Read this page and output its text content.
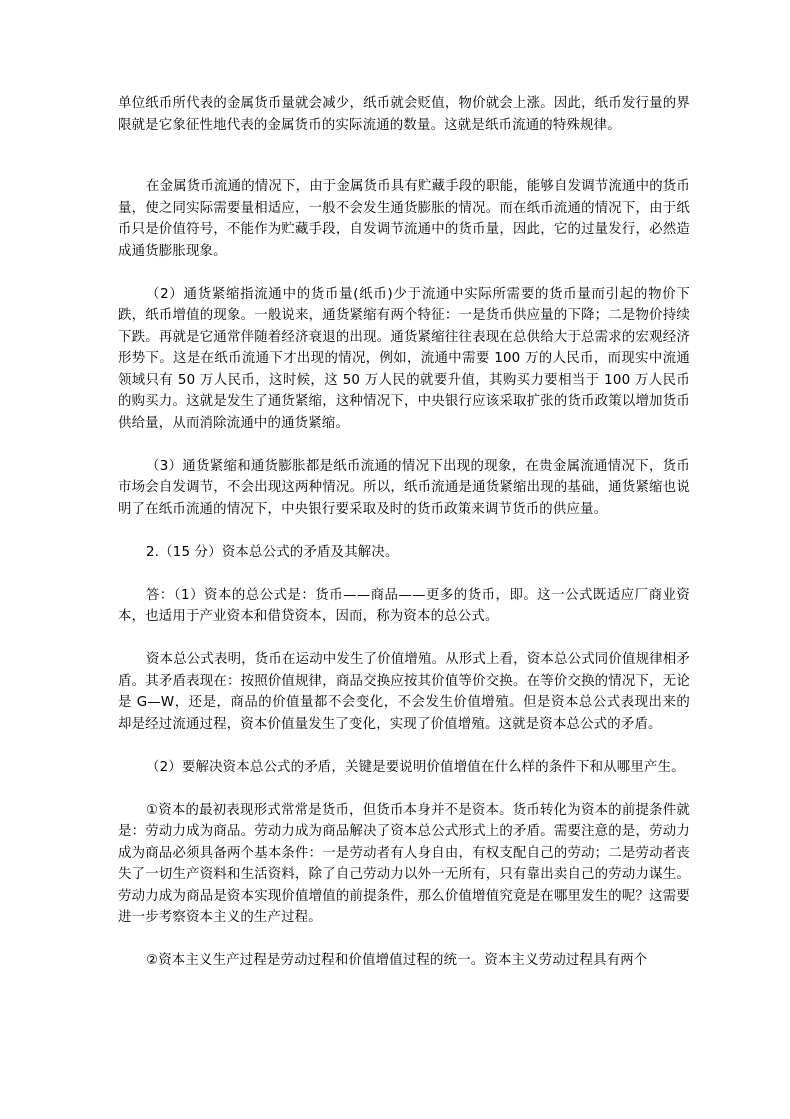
单位纸币所代表的金属货币量就会减少，纸币就会贬值，物价就会上涨。因此，纸币发行量的界限就是它象征性地代表的金属货币的实际流通的数量。这就是纸币流通的特殊规律。

在金属货币流通的情况下，由于金属货币具有贮藏手段的职能，能够自发调节流通中的货币量，使之同实际需要量相适应，一般不会发生通货膨胀的情况。而在纸币流通的情况下，由于纸币只是价值符号，不能作为贮藏手段，自发调节流通中的货币量，因此，它的过量发行，必然造成通货膨胀现象。

（2）通货紧缩指流通中的货币量(纸币)少于流通中实际所需要的货币量而引起的物价下跌，纸币增值的现象。一般说来，通货紧缩有两个特征：一是货币供应量的下降；二是物价持续下跌。再就是它通常伴随着经济衰退的出现。通货紧缩往往表现在总供给大于总需求的宏观经济形势下。这是在纸币流通下才出现的情况，例如，流通中需要 100 万的人民币，而现实中流通领域只有 50 万人民币，这时候，这 50 万人民的就要升值，其购买力要相当于 100 万人民币的购买力。这就是发生了通货紧缩，这种情况下，中央银行应该采取扩张的货币政策以增加货币供给量，从而消除流通中的通货紧缩。

（3）通货紧缩和通货膨胀都是纸币流通的情况下出现的现象，在贵金属流通情况下，货币市场会自发调节，不会出现这两种情况。所以，纸币流通是通货紧缩出现的基础，通货紧缩也说明了在纸币流通的情况下，中央银行要采取及时的货币政策来调节货币的供应量。

2.（15 分）资本总公式的矛盾及其解决。

答：（1）资本的总公式是：货币——商品——更多的货币，即。这一公式既适应厂商业资本，也适用于产业资本和借贷资本，因而，称为资本的总公式。

资本总公式表明，货币在运动中发生了价值增殖。从形式上看，资本总公式同价值规律相矛盾。其矛盾表现在：按照价值规律，商品交换应按其价值等价交换。在等价交换的情况下，无论是 G—W，还是，商品的价值量都不会变化，不会发生价值增殖。但是资本总公式表现出来的却是经过流通过程，资本价值量发生了变化，实现了价值增殖。这就是资本总公式的矛盾。

（2）要解决资本总公式的矛盾，关键是要说明价值增值在什么样的条件下和从哪里产生。

①资本的最初表现形式常常是货币，但货币本身并不是资本。货币转化为资本的前提条件就是：劳动力成为商品。劳动力成为商品解决了资本总公式形式上的矛盾。需要注意的是，劳动力成为商品必须具备两个基本条件：一是劳动者有人身自由，有权支配自己的劳动；二是劳动者丧失了一切生产资料和生活资料，除了自己劳动力以外一无所有，只有靠出卖自己的劳动力谋生。劳动力成为商品是资本实现价值增值的前提条件，那么价值增值究竟是在哪里发生的呢？这需要进一步考察资本主义的生产过程。

②资本主义生产过程是劳动过程和价值增值过程的统一。资本主义劳动过程具有两个
